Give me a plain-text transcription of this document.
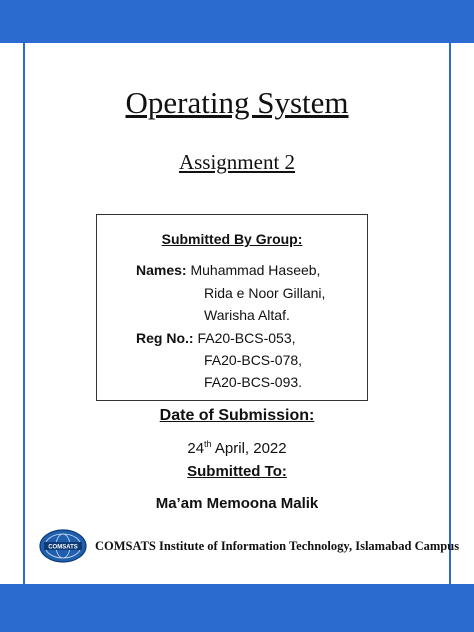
Operating System
Assignment 2
Submitted By Group:
Names: Muhammad Haseeb,
Rida e Noor Gillani,
Warisha Altaf.
Reg No.: FA20-BCS-053,
FA20-BCS-078,
FA20-BCS-093.
Date of Submission:
24th April, 2022
Submitted To:
Ma’am Memoona Malik
COMSATS COMSATS Institute of Information Technology, Islamabad Campus
